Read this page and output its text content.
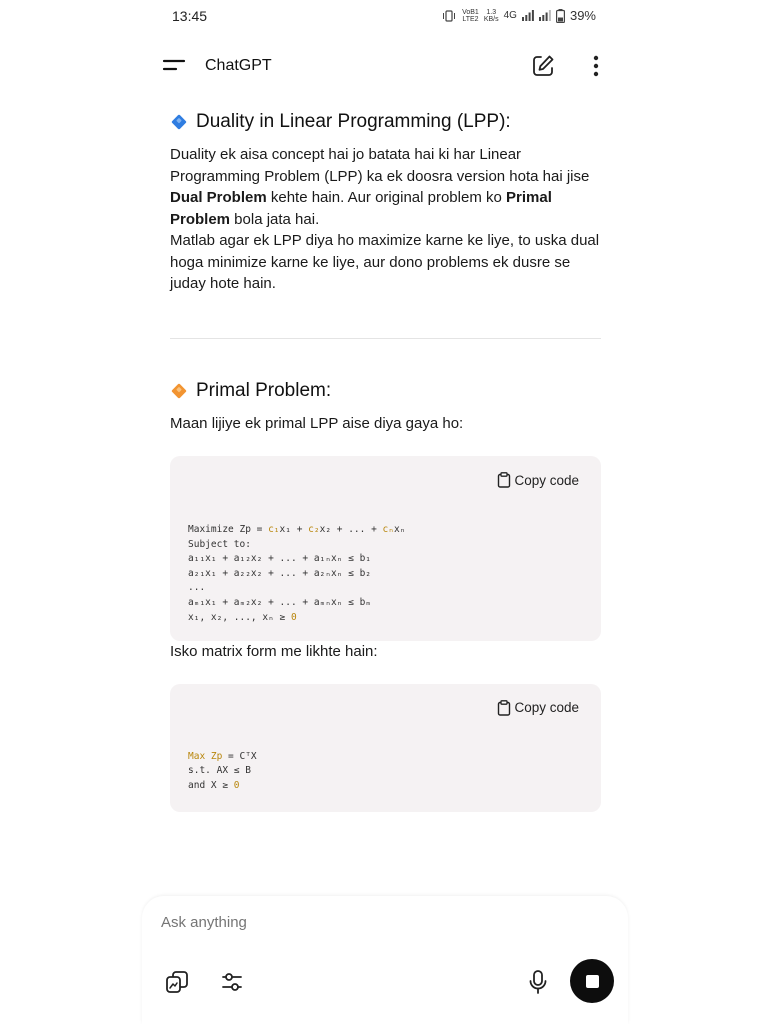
13:45	VoB1
LTE2
1.3
KB/s 4G	39%
ChatGPT
Duality in Linear Programming (LPP):

Duality ek aisa concept hai jo batata hai ki har Linear Programming Problem (LPP) ka ek doosra version hota hai jise Dual Problem kehte hain. Aur original problem ko Primal Problem bola jata hai.

Matlab agar ek LPP diya ho maximize karne ke liye, to uska dual hoga minimize karne ke liye, aur dono problems ek dusre se juday hote hain.

Primal Problem:

Maan lijiye ek primal LPP aise diya gaya ho:

Copy code
Maximize Zp = c₁x₁ + c₂x₂ + ... + cₙxₙ
Subject to:
a₁₁x₁ + a₁₂x₂ + ... + a₁ₙxₙ ≤ b₁
a₂₁x₁ + a₂₂x₂ + ... + a₂ₙxₙ ≤ b₂
...
aₘ₁x₁ + aₘ₂x₂ + ... + aₘₙxₙ ≤ bₘ
x₁, x₂, ..., xₙ ≥ 0

Isko matrix form me likhte hain:

Copy code
Max Zp = CᵀX
s.t. AX ≤ B
and X ≥ 0
Ask anything
